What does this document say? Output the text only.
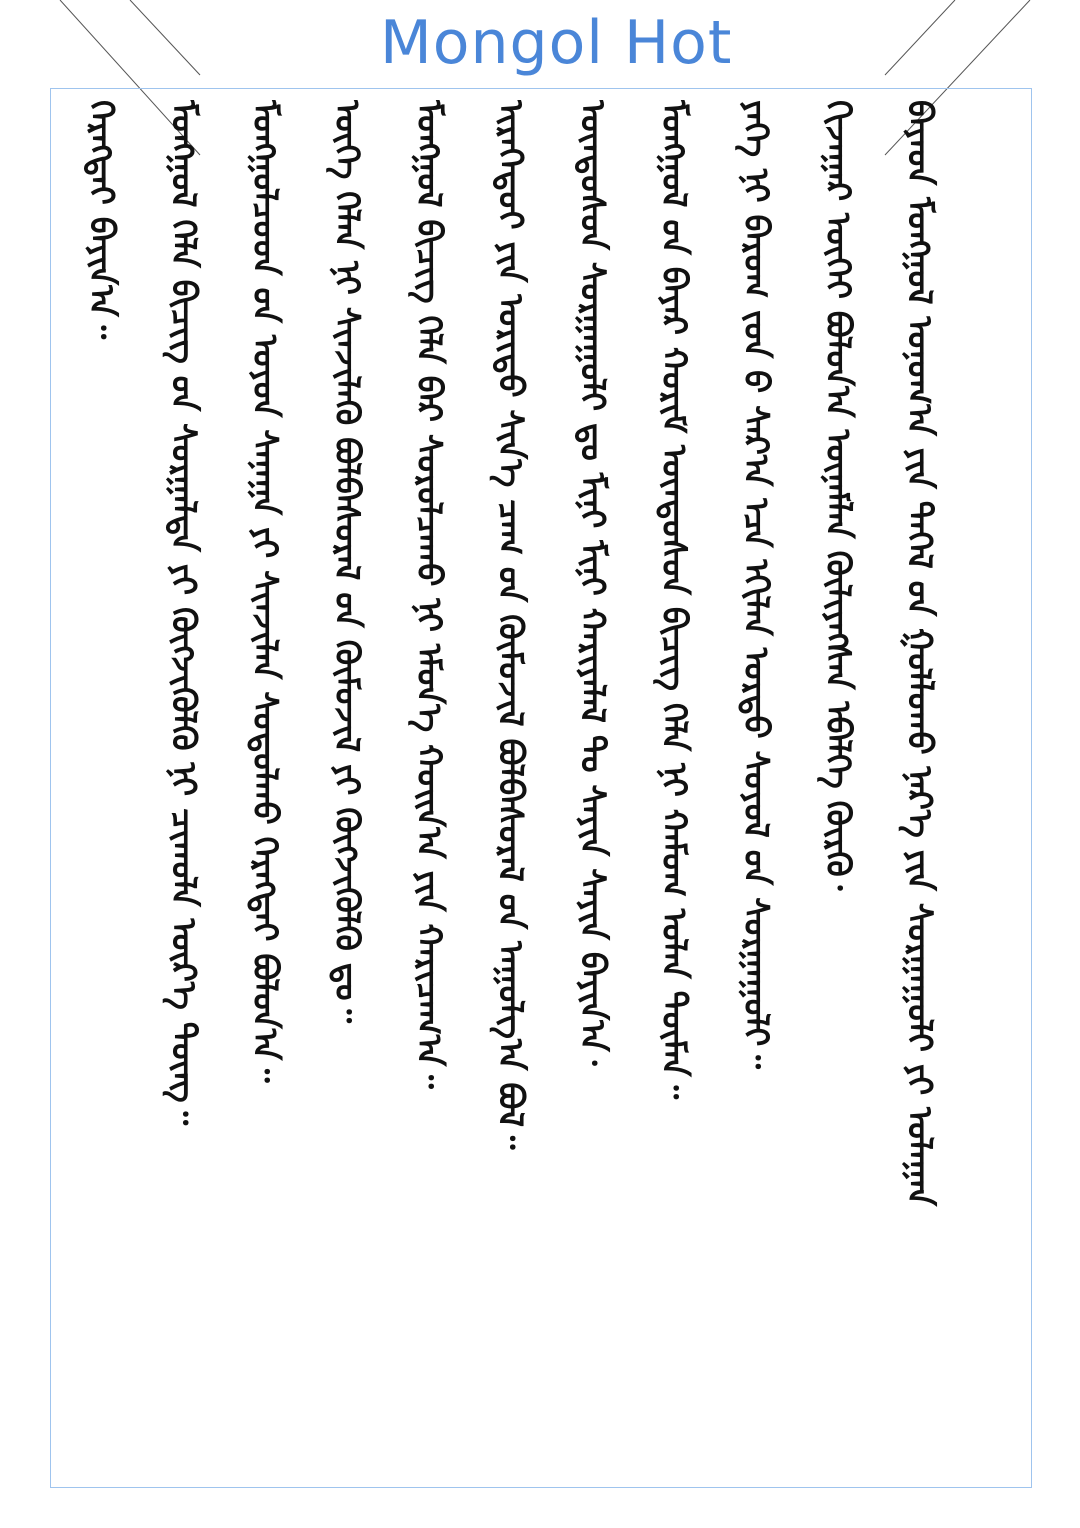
Mongol Hot
ᠬᠡᠷᠡᠭᠲᠡᠢ ᠪᠠᠶᠢᠨ᠎ᠠ᠃	ᠮᠣᠩᠭᠣᠯ ᠬᠡᠯᠡ ᠪᠢᠴᠢᠭ ᠤ᠋ᠨ ᠰᠤᠷᠭᠠᠯᠲᠠ ᠶᠢ ᠬᠥᠭᠵᠢᠭᠦᠯᠬᠦ ᠨᠢ ᠴᠢᠬᠤᠯᠠ ᠦᠷ᠎ᠡ ᠳᠦᠩ᠃	ᠮᠣᠩᠭᠣᠯᠴᠤᠳ ᠤ᠋ᠨ ᠣᠶᠤᠨ ᠰᠠᠨᠠᠭᠠ ᠶᠢ ᠰᠢᠨᠵᠢᠯᠡᠨ ᠰᠤᠳᠤᠯᠬᠤ ᠬᠡᠷᠡᠭᠲᠡᠢ ᠪᠣᠯᠤᠨ᠎ᠠ᠃	ᠦᠭᠡ ᠬᠡᠯᠡᠨ ᠨᠢ ᠰᠢᠨᠵᠢᠯᠡᠬᠦ ᠪᠣᠯᠪᠠᠰᠤᠷᠠᠯ ᠤ᠋ᠨ ᠬᠦᠮᠦᠵᠢᠯ ᠶᠢ ᠬᠥᠭᠵᠢᠭᠦᠯᠬᠦ ᠳᠤ᠃	ᠮᠣᠩᠭᠣᠯ ᠪᠢᠴᠢᠭ ᠬᠡᠯᠡ ᠪᠡᠷ ᠰᠤᠷᠤᠯᠴᠠᠬᠤ ᠨᠢ ᠡᠮᠦᠨ᠎ᠡ ᠬᠣᠢᠨ᠎ᠠ ᠶᠢᠨ ᠬᠠᠷᠢᠴᠠᠭ᠎ᠠ᠃	ᠢᠷᠡᠭᠡᠳᠦᠢ ᠶᠢᠨ ᠤᠷᠢᠳᠤ ᠰᠢᠨ᠎ᠡ ᠴᠠᠭ ᠤ᠋ᠨ ᠬᠦᠮᠦᠵᠢᠯ ᠪᠣᠯᠪᠠᠰᠤᠷᠠᠯ ᠤ᠋ᠨ ᠠᠭᠤᠯᠭ᠎ᠠ ᠪᠣᠯ᠃	ᠦᠨᠳᠦᠰᠦᠨ ᠰᠤᠷᠭᠠᠭᠤᠯᠢ ᠳᠤ ᠮᠢᠨᠢ ᠮᠢᠨᠢ ᠬᠠᠷᠢᠶᠠᠯᠠᠯ ᠲᠤ ᠰᠠᠶᠢᠨ ᠰᠠᠶᠢᠨ ᠪᠠᠶᠢᠨ᠎ᠠ᠂	ᠮᠣᠩᠭᠣᠯ ᠤ᠋ᠨ ᠪᠠᠶᠠᠷ ᠬᠤᠷᠢᠮ ᠦᠨᠳᠦᠰᠦᠨ ᠪᠢᠴᠢᠭ ᠬᠡᠯᠡ ᠨᠢ ᠬᠠᠮᠤᠭ ᠤᠯᠠᠨ ᠲᠦᠮᠡᠨ᠃	ᠶᠡᠬᠡ ᠨᠢ ᠪᠠᠷᠤᠭ ᠵᠤᠨ ᠤ᠋ ᠰᠠᠷ᠎ᠠ ᠡᠴᠡ ᠡᠬᠢᠯᠡᠨ ᠤᠷᠲᠤ ᠰᠤᠶᠤᠯ ᠤ᠋ᠨ ᠰᠤᠷᠭᠠᠭᠤᠯᠢ᠃	ᠬᠢᠵᠠᠭᠠᠷ ᠦᠭᠡᠢ ᠪᠤᠯᠤᠨ᠎ᠠ ᠦᠨᠡᠮᠯᠡᠨ ᠬᠦᠯᠢᠶᠡᠭᠰᠡᠨ ᠡᠪᠡᠯᠭᠡ ᠬᠦᠷᠬᠦ᠂	ᠪᠠᠶᠠᠳ ᠮᠣᠩᠭᠣᠯ ᠤᠨᠤᠭ᠎ᠠ ᠶᠢᠨ ᠳᠡᠭᠡᠯ ᠤ᠋ᠨ ᠭᠣᠯᠯᠤᠬᠤ ᠨᠡᠷ᠎ᠡ ᠶᠢᠨ ᠰᠤᠷᠭᠠᠭᠤᠯᠢ ᠶᠢ ᠤᠯᠠᠭᠠᠨ
